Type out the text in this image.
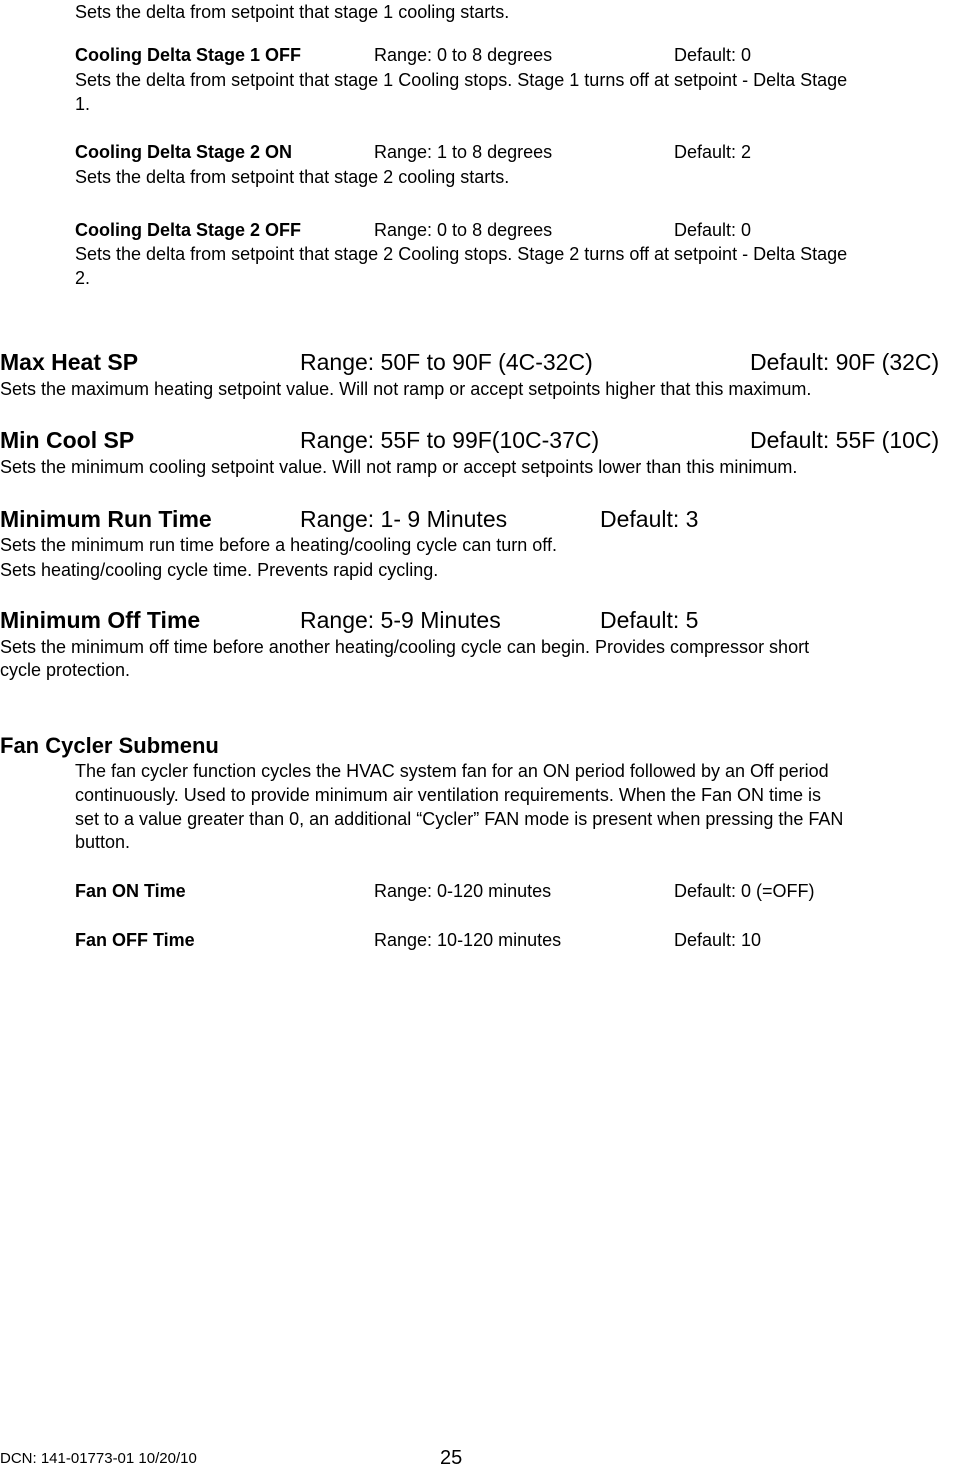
Sets the delta from setpoint that stage 1 cooling starts.
Cooling Delta Stage 1 OFF	Range: 0 to 8 degrees	Default: 0
Sets the delta from setpoint that stage 1 Cooling stops. Stage 1 turns off at setpoint - Delta Stage
1.
Cooling Delta Stage 2 ON	Range: 1 to 8 degrees	Default: 2
Sets the delta from setpoint that stage 2 cooling starts.
Cooling Delta Stage 2 OFF	Range: 0 to 8 degrees	Default: 0
Sets the delta from setpoint that stage 2 Cooling stops. Stage 2 turns off at setpoint - Delta Stage
2.
Max Heat SP	Range: 50F to 90F (4C-32C)	Default: 90F (32C)
Sets the maximum heating setpoint value. Will not ramp or accept setpoints higher that this maximum.
Min Cool SP	Range: 55F to 99F(10C-37C)	Default: 55F (10C)
Sets the minimum cooling setpoint value. Will not ramp or accept setpoints lower than this minimum.
Minimum Run Time	Range: 1- 9 Minutes	Default: 3
Sets the minimum run time before a heating/cooling cycle can turn off.
Sets heating/cooling cycle time. Prevents rapid cycling.
Minimum Off Time	Range: 5-9 Minutes	Default: 5
Sets the minimum off time before another heating/cooling cycle can begin. Provides compressor short
cycle protection.
Fan Cycler Submenu
The fan cycler function cycles the HVAC system fan for an ON period followed by an Off period
continuously. Used to provide minimum air ventilation requirements. When the Fan ON time is
set to a value greater than 0, an additional “Cycler” FAN mode is present when pressing the FAN
button.
Fan ON Time	Range: 0-120 minutes	Default: 0 (=OFF)
Fan OFF Time	Range: 10-120 minutes	Default: 10
DCN: 141-01773-01 10/20/10	25
